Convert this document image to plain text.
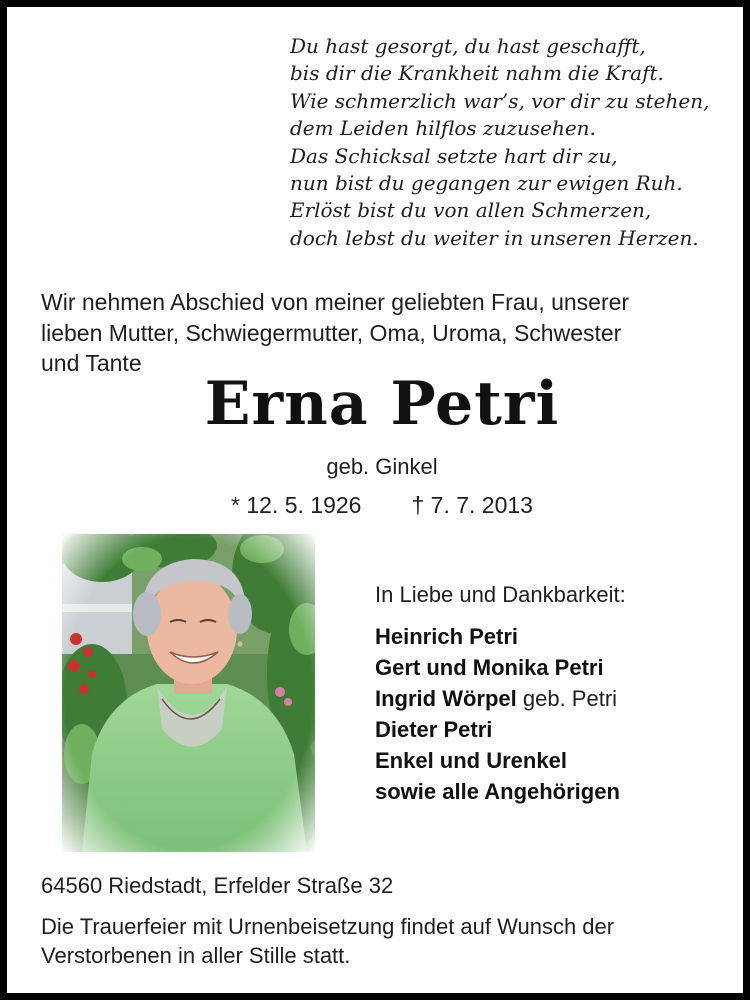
Du hast gesorgt, du hast geschafft,
bis dir die Krankheit nahm die Kraft.
Wie schmerzlich war’s, vor dir zu stehen,
dem Leiden hilflos zuzusehen.
Das Schicksal setzte hart dir zu,
nun bist du gegangen zur ewigen Ruh.
Erlöst bist du von allen Schmerzen,
doch lebst du weiter in unseren Herzen.
Wir nehmen Abschied von meiner geliebten Frau, unserer
lieben Mutter, Schwiegermutter, Oma, Uroma, Schwester
und Tante
Erna Petri
geb. Ginkel
* 12. 5. 1926 † 7. 7. 2013
In Liebe und Dankbarkeit:
Heinrich Petri
Gert und Monika Petri
Ingrid Wörpel geb. Petri
Dieter Petri
Enkel und Urenkel
sowie alle Angehörigen
64560 Riedstadt, Erfelder Straße 32
Die Trauerfeier mit Urnenbeisetzung findet auf Wunsch der
Verstorbenen in aller Stille statt.
